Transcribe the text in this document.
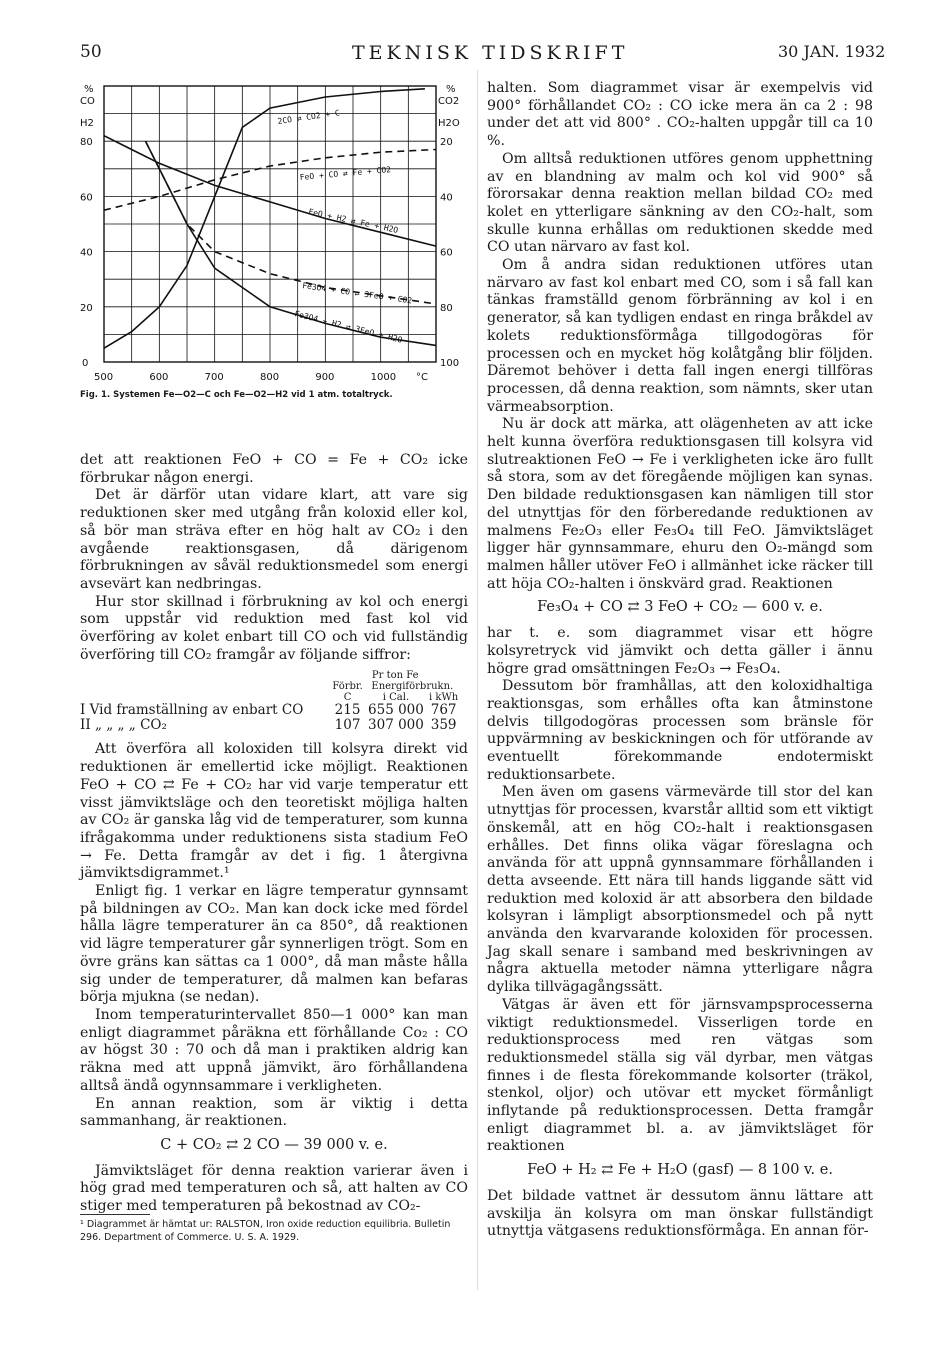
50	TEKNISK TIDSKRIFT	30 JAN. 1932
%
CO
H2
%
CO2
H2O
°C
500	600	700	800	900	1000
0
20
40
60
80
100
80
60
40
20
2CO ⇄ CO2 + C
FeO + CO ⇄ Fe + CO2
FeO + H2 ⇄ Fe + H2O
Fe3O4 + CO ⇄ 3FeO + CO2
Fe3O4 + H2 ⇄ 3FeO + H2O
Fig. 1. Systemen Fe—O2—C och Fe—O2—H2 vid 1 atm. totaltryck.

det att reaktionen FeO + CO = Fe + CO₂ icke förbrukar någon energi.

Det är därför utan vidare klart, att vare sig reduktionen sker med utgång från koloxid eller kol, så bör man sträva efter en hög halt av CO₂ i den avgående reaktionsgasen, då därigenom förbrukningen av såväl reduktionsmedel som energi avsevärt kan nedbringas.

Hur stor skillnad i förbrukning av kol och energi som uppstår vid reduktion med fast kol vid överföring av kolet enbart till CO och vid fullständig överföring till CO₂ framgår av följande siffror:

	Pr ton Fe		
	Förbr.	Energiförbrukn.	
	C	i Cal.	i kWh
I Vid framställning av enbart CO	215	655 000	767
II „ „ „ „ CO₂	107	307 000	359

Att överföra all koloxiden till kolsyra direkt vid reduktionen är emellertid icke möjligt. Reaktionen FeO + CO ⇄ Fe + CO₂ har vid varje temperatur ett visst jämviktsläge och den teoretiskt möjliga halten av CO₂ är ganska låg vid de temperaturer, som kunna ifrågakomma under reduktionens sista stadium FeO → Fe. Detta framgår av det i fig. 1 återgivna jämviktsdigrammet.¹

Enligt fig. 1 verkar en lägre temperatur gynnsamt på bildningen av CO₂. Man kan dock icke med fördel hålla lägre temperaturer än ca 850°, då reaktionen vid lägre temperaturer går synnerligen trögt. Som en övre gräns kan sättas ca 1 000°, då man måste hålla sig under de temperaturer, då malmen kan befaras börja mjukna (se nedan).

Inom temperaturintervallet 850—1 000° kan man enligt diagrammet påräkna ett förhållande Co₂ : CO av högst 30 : 70 och då man i praktiken aldrig kan räkna med att uppnå jämvikt, äro förhållandena alltså ändå ogynnsammare i verkligheten.

En annan reaktion, som är viktig i detta sammanhang, är reaktionen.

C + CO₂ ⇄ 2 CO — 39 000 v. e.

Jämviktsläget för denna reaktion varierar även i hög grad med temperaturen och så, att halten av CO stiger med temperaturen på bekostnad av CO₂-

¹ Diagrammet är hämtat ur: RALSTON, Iron oxide reduction equilibria. Bulletin 296. Department of Commerce. U. S. A. 1929.

halten. Som diagrammet visar är exempelvis vid 900° förhållandet CO₂ : CO icke mera än ca 2 : 98 under det att vid 800° . CO₂-halten uppgår till ca 10 %.

Om alltså reduktionen utföres genom upphettning av en blandning av malm och kol vid 900° så förorsakar denna reaktion mellan bildad CO₂ med kolet en ytterligare sänkning av den CO₂-halt, som skulle kunna erhållas om reduktionen skedde med CO utan närvaro av fast kol.

Om å andra sidan reduktionen utföres utan närvaro av fast kol enbart med CO, som i så fall kan tänkas framställd genom förbränning av kol i en generator, så kan tydligen endast en ringa bråkdel av kolets reduktionsförmåga tillgodogöras för processen och en mycket hög kolåtgång blir följden. Däremot behöver i detta fall ingen energi tillföras processen, då denna reaktion, som nämnts, sker utan värmeabsorption.

Nu är dock att märka, att olägenheten av att icke helt kunna överföra reduktionsgasen till kolsyra vid slutreaktionen FeO → Fe i verkligheten icke äro fullt så stora, som av det föregående möjligen kan synas. Den bildade reduktionsgasen kan nämligen till stor del utnyttjas för den förberedande reduktionen av malmens Fe₂O₃ eller Fe₃O₄ till FeO. Jämviktsläget ligger här gynnsammare, ehuru den O₂-mängd som malmen håller utöver FeO i allmänhet icke räcker till att höja CO₂-halten i önskvärd grad. Reaktionen

Fe₃O₄ + CO ⇄ 3 FeO + CO₂ — 600 v. e.

har t. e. som diagrammet visar ett högre kolsyretryck vid jämvikt och detta gäller i ännu högre grad omsättningen Fe₂O₃ → Fe₃O₄.

Dessutom bör framhållas, att den koloxidhaltiga reaktionsgas, som erhålles ofta kan åtminstone delvis tillgodogöras processen som bränsle för uppvärmning av beskickningen och för utförande av eventuellt förekommande endotermiskt reduktionsarbete.

Men även om gasens värmevärde till stor del kan utnyttjas för processen, kvarstår alltid som ett viktigt önskemål, att en hög CO₂-halt i reaktionsgasen erhålles. Det finns olika vägar föreslagna och använda för att uppnå gynnsammare förhållanden i detta avseende. Ett nära till hands liggande sätt vid reduktion med koloxid är att absorbera den bildade kolsyran i lämpligt absorptionsmedel och på nytt använda den kvarvarande koloxiden för processen. Jag skall senare i samband med beskrivningen av några aktuella metoder nämna ytterligare några dylika tillvägagångssätt.

Vätgas är även ett för järnsvampsprocesserna viktigt reduktionsmedel. Visserligen torde en reduktionsprocess med ren vätgas som reduktionsmedel ställa sig väl dyrbar, men vätgas finnes i de flesta förekommande kolsorter (träkol, stenkol, oljor) och utövar ett mycket förmånligt inflytande på reduktionsprocessen. Detta framgår enligt diagrammet bl. a. av jämviktsläget för reaktionen

FeO + H₂ ⇄ Fe + H₂O (gasf) — 8 100 v. e.

Det bildade vattnet är dessutom ännu lättare att avskilja än kolsyra om man önskar fullständigt utnyttja vätgasens reduktionsförmåga. En annan för-
